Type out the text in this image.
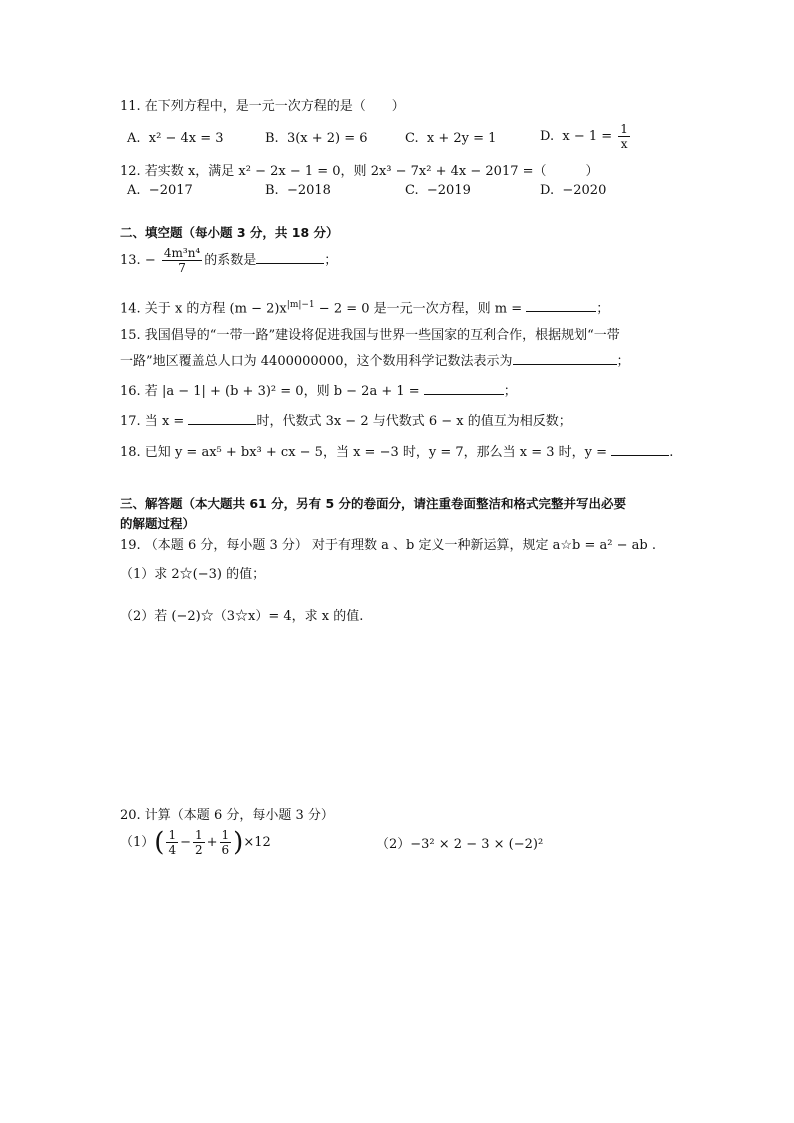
11. 在下列方程中，是一元一次方程的是（　　）
A. x² − 4x = 3	B. 3(x + 2) = 6	C. x + 2y = 1	D. $x - 1 = \frac{1}{x}$
12. 若实数 x，满足 x² − 2x − 1 = 0，则 2x³ − 7x² + 4x − 2017 =（　　　）
A. −2017	B. −2018	C. −2019	D. −2020
二、填空题（每小题 3 分，共 18 分）
13. − $\frac{\text{4m³n⁴}}{7}$ 的系数是	；
14. 关于 x 的方程 $(m - 2)x^{|m|-1} - 2 = 0$ 是一元一次方程，则 m =	；
15. 我国倡导的“一带一路”建设将促进我国与世界一些国家的互利合作，根据规划“一带
一路”地区覆盖总人口为 4400000000，这个数用科学记数法表示为	；
16. 若 |a − 1| + (b + 3)² = 0，则 b − 2a + 1 =	；
17. 当 x =	时，代数式 3x − 2 与代数式 6 − x 的值互为相反数；
18. 已知 y = ax⁵ + bx³ + cx − 5，当 x = −3 时，y = 7，那么当 x = 3 时，y =	.
三、解答题（本大题共 61 分，另有 5 分的卷面分，请注重卷面整洁和格式完整并写出必要
的解题过程）
19. （本题 6 分，每小题 3 分） 对于有理数 a 、b 定义一种新运算，规定 a☆b = a² − ab .
（1）求 2☆(−3) 的值；
（2）若 (−2)☆（3☆x）= 4，求 x 的值.
20. 计算（本题 6 分，每小题 3 分）
$(1)( \frac{1}{4} - \frac{1}{2} + \frac{1}{6} )\times 12$	（2）−3² × 2 − 3 × (−2)²
